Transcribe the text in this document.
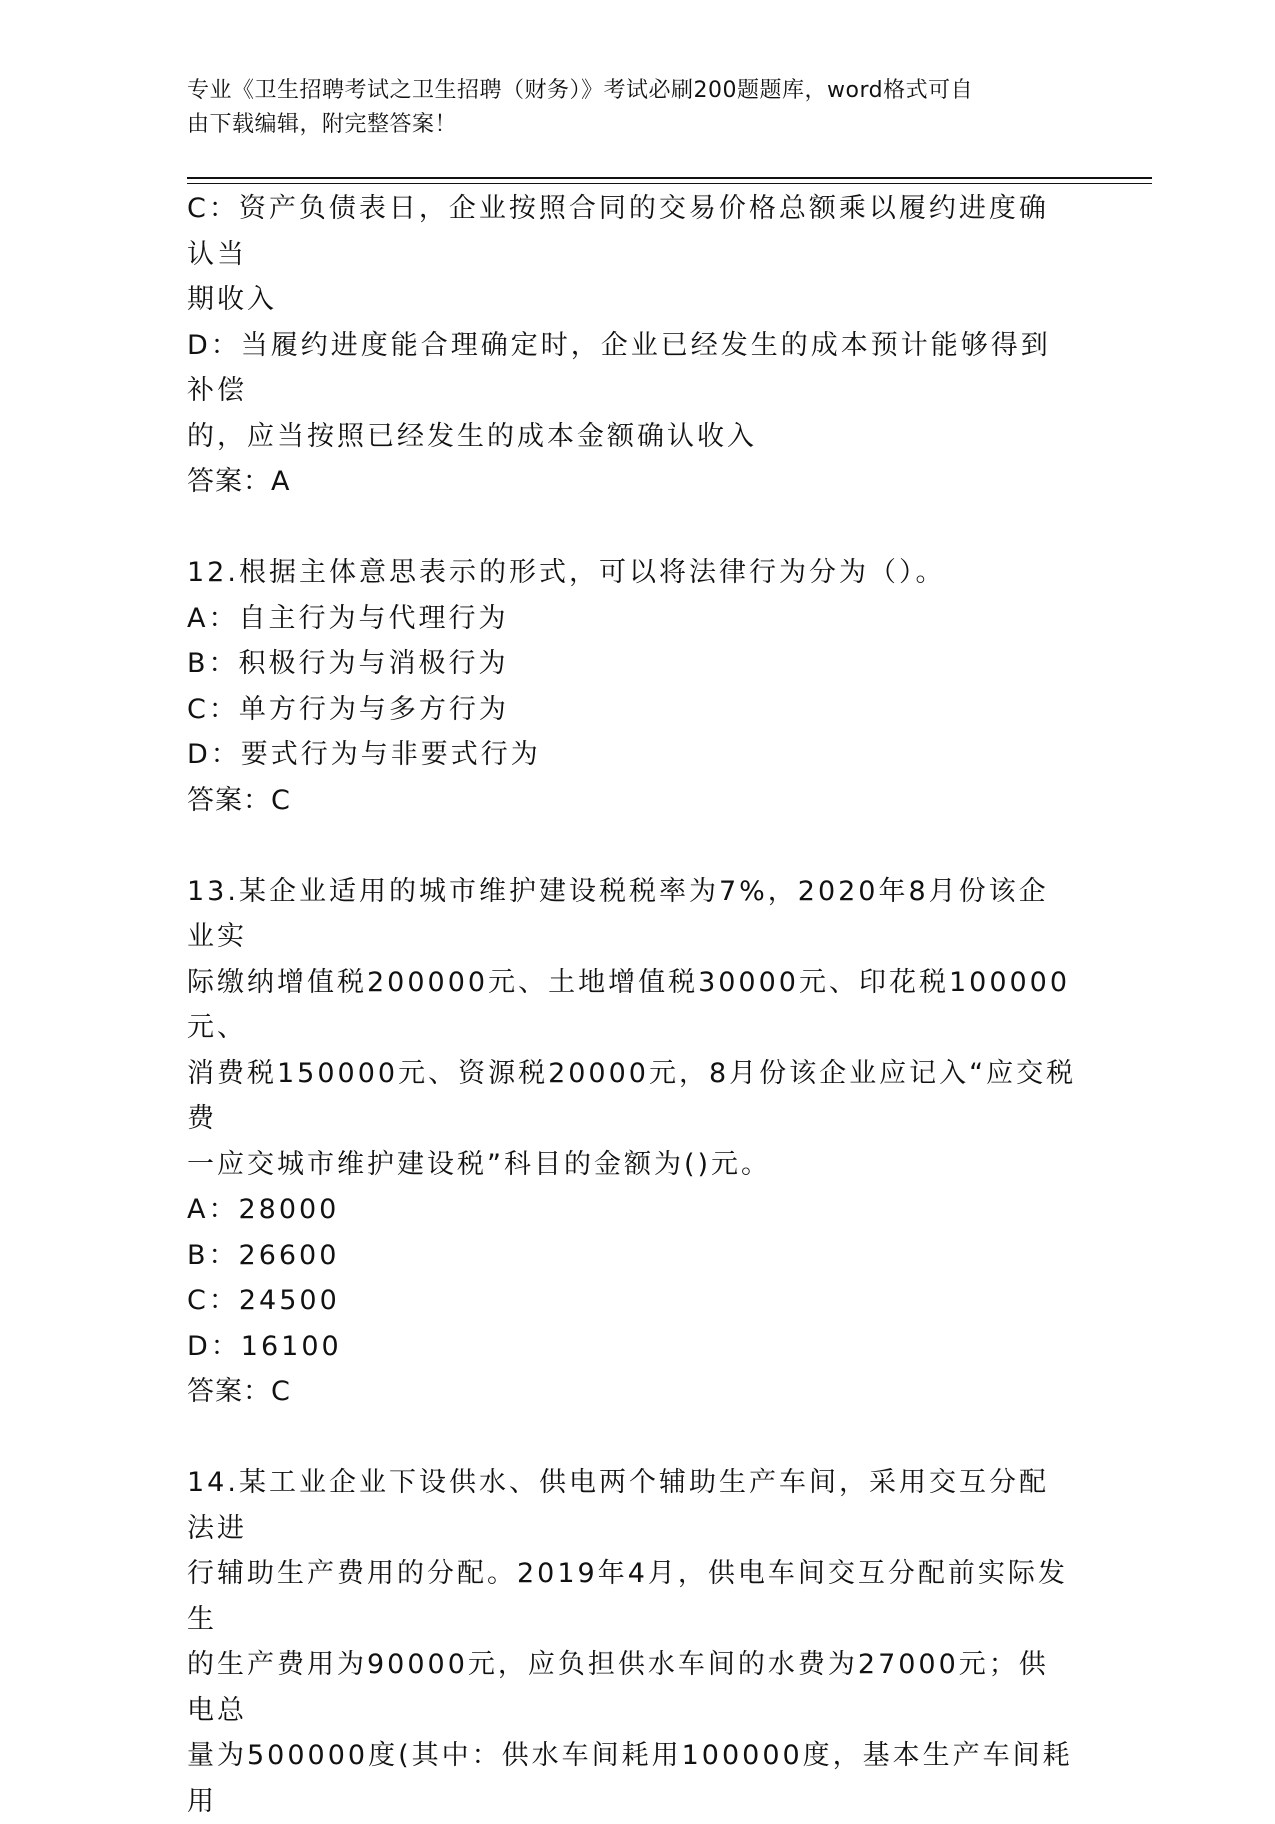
专业《卫生招聘考试之卫生招聘（财务）》考试必刷200题题库，word格式可自
由下载编辑，附完整答案！

C：资产负债表日，企业按照合同的交易价格总额乘以履约进度确认当

期收入

D：当履约进度能合理确定时，企业已经发生的成本预计能够得到补偿

的，应当按照已经发生的成本金额确认收入

答案：A

12.根据主体意思表示的形式，可以将法律行为分为（）。

A：自主行为与代理行为

B：积极行为与消极行为

C：单方行为与多方行为

D：要式行为与非要式行为

答案：C

13.某企业适用的城市维护建设税税率为7%，2020年8月份该企业实

际缴纳增值税200000元、土地增值税30000元、印花税100000元、

消费税150000元、资源税20000元，8月份该企业应记入“应交税费

一应交城市维护建设税”科目的金额为()元。

A：28000

B：26600

C：24500

D：16100

答案：C

14.某工业企业下设供水、供电两个辅助生产车间，采用交互分配法进

行辅助生产费用的分配。2019年4月，供电车间交互分配前实际发生

的生产费用为90000元，应负担供水车间的水费为27000元；供电总

量为500000度(其中：供水车间耗用100000度，基本生产车间耗用
